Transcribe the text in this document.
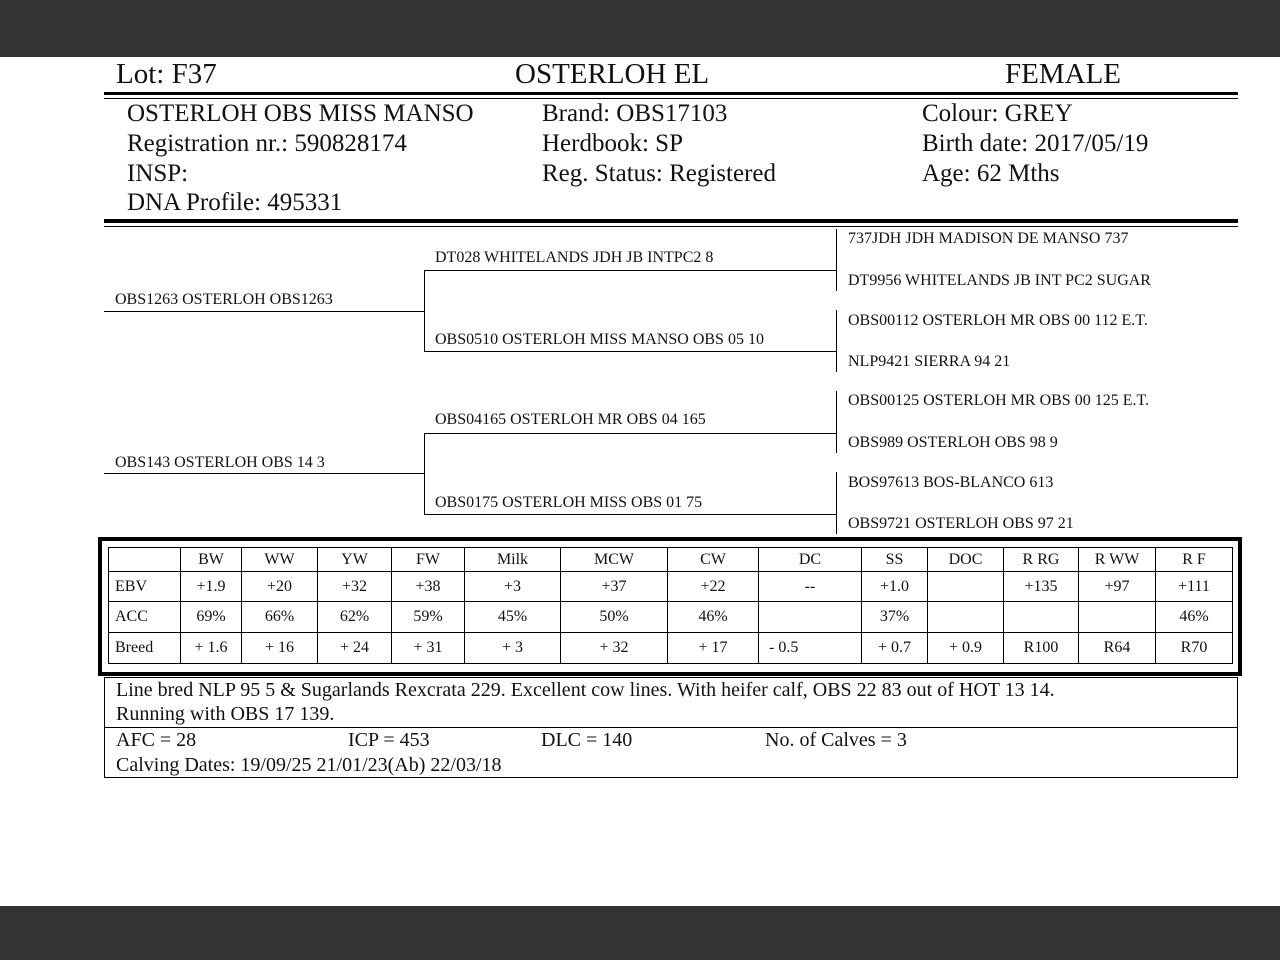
Lot: F37	OSTERLOH EL	FEMALE
OSTERLOH OBS MISS MANSO
Registration nr.: 590828174
INSP:
DNA Profile: 495331
Brand: OBS17103
Herdbook: SP
Reg. Status: Registered
Colour: GREY
Birth date: 2017/05/19
Age: 62 Mths
OBS1263 OSTERLOH OBS1263
OBS143 OSTERLOH OBS 14 3
DT028 WHITELANDS JDH JB INTPC2 8
OBS0510 OSTERLOH MISS MANSO OBS 05 10
OBS04165 OSTERLOH MR OBS 04 165
OBS0175 OSTERLOH MISS OBS 01 75
737JDH JDH MADISON DE MANSO 737
DT9956 WHITELANDS JB INT PC2 SUGAR
OBS00112 OSTERLOH MR OBS 00 112 E.T.
NLP9421 SIERRA 94 21
OBS00125 OSTERLOH MR OBS 00 125 E.T.
OBS989 OSTERLOH OBS 98 9
BOS97613 BOS-BLANCO 613
OBS9721 OSTERLOH OBS 97 21
	BW	WW	YW	FW	Milk	MCW	CW	DC	SS	DOC	R RG	R WW	R F
EBV	+1.9	+20	+32	+38	+3	+37	+22	--	+1.0		+135	+97	+111
ACC	69%	66%	62%	59%	45%	50%	46%		37%				46%
Breed	+ 1.6	+ 16	+ 24	+ 31	+ 3	+ 32	+ 17	- 0.5	+ 0.7	+ 0.9	R100	R64	R70
Line bred NLP 95 5 & Sugarlands Rexcrata 229. Excellent cow lines. With heifer calf, OBS 22 83 out of HOT 13 14.
Running with OBS 17 139.
AFC = 28	ICP = 453	DLC = 140	No. of Calves = 3
Calving Dates: 19/09/25 21/01/23(Ab) 22/03/18
